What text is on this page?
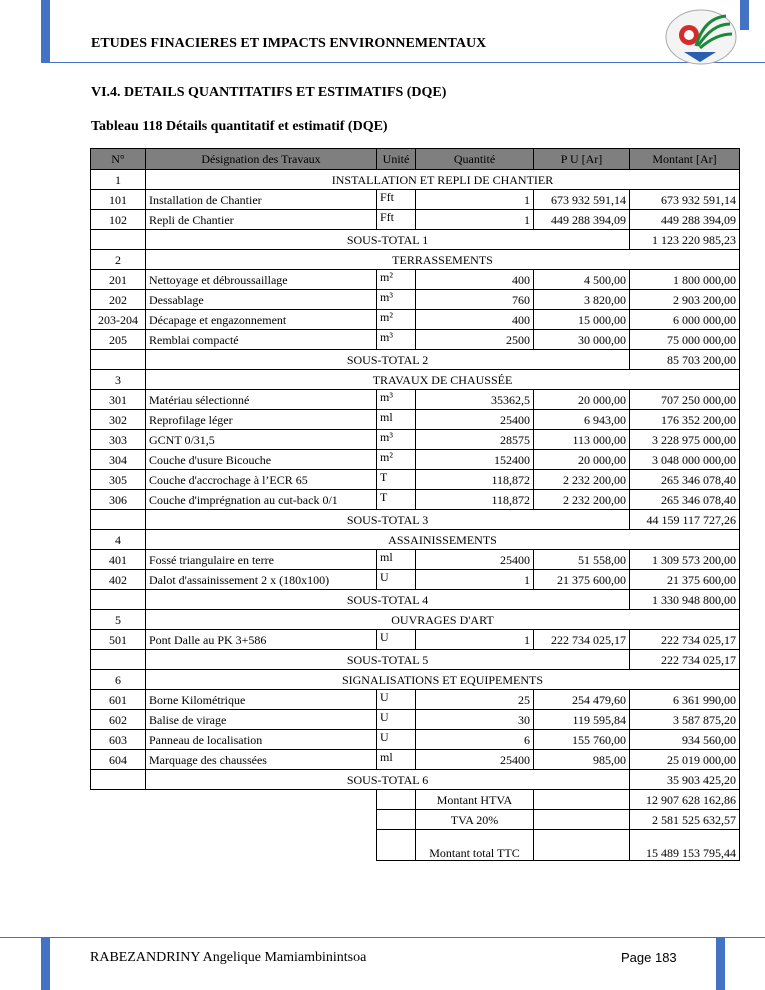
ETUDES FINACIERES ET IMPACTS ENVIRONNEMENTAUX
VI.4. DETAILS QUANTITATIFS ET ESTIMATIFS (DQE)
Tableau 118 Détails quantitatif et estimatif (DQE)
N°	Désignation des Travaux	Unité	Quantité	P U [Ar]	Montant [Ar]
1	INSTALLATION ET REPLI DE CHANTIER				
101	Installation de Chantier	Fft	1	673 932 591,14	673 932 591,14
102	Repli de Chantier	Fft	1	449 288 394,09	449 288 394,09
	SOUS-TOTAL 1				1 123 220 985,23
2	TERRASSEMENTS				
201	Nettoyage et débroussaillage	m²	400	4 500,00	1 800 000,00
202	Dessablage	m³	760	3 820,00	2 903 200,00
203-204	Décapage et engazonnement	m²	400	15 000,00	6 000 000,00
205	Remblai compacté	m³	2500	30 000,00	75 000 000,00
	SOUS-TOTAL 2				85 703 200,00
3	TRAVAUX DE CHAUSSÉE				
301	Matériau sélectionné	m³	35362,5	20 000,00	707 250 000,00
302	Reprofilage léger	ml	25400	6 943,00	176 352 200,00
303	GCNT 0/31,5	m³	28575	113 000,00	3 228 975 000,00
304	Couche d'usure Bicouche	m²	152400	20 000,00	3 048 000 000,00
305	Couche d'accrochage à l’ECR 65	T	118,872	2 232 200,00	265 346 078,40
306	Couche d'imprégnation au cut-back 0/1	T	118,872	2 232 200,00	265 346 078,40
	SOUS-TOTAL 3				44 159 117 727,26
4	ASSAINISSEMENTS				
401	Fossé triangulaire en terre	ml	25400	51 558,00	1 309 573 200,00
402	Dalot d'assainissement 2 x (180x100)	U	1	21 375 600,00	21 375 600,00
	SOUS-TOTAL 4				1 330 948 800,00
5	OUVRAGES D'ART				
501	Pont Dalle au PK 3+586	U	1	222 734 025,17	222 734 025,17
	SOUS-TOTAL 5				222 734 025,17
6	SIGNALISATIONS ET EQUIPEMENTS				
601	Borne Kilométrique	U	25	254 479,60	6 361 990,00
602	Balise de virage	U	30	119 595,84	3 587 875,20
603	Panneau de localisation	U	6	155 760,00	934 560,00
604	Marquage des chaussées	ml	25400	985,00	25 019 000,00
	SOUS-TOTAL 6				35 903 425,20
			Montant HTVA		12 907 628 162,86
			TVA 20%		2 581 525 632,57
			Montant total TTC		15 489 153 795,44
RABEZANDRINY Angelique Mamiambinintsoa	Page 183
